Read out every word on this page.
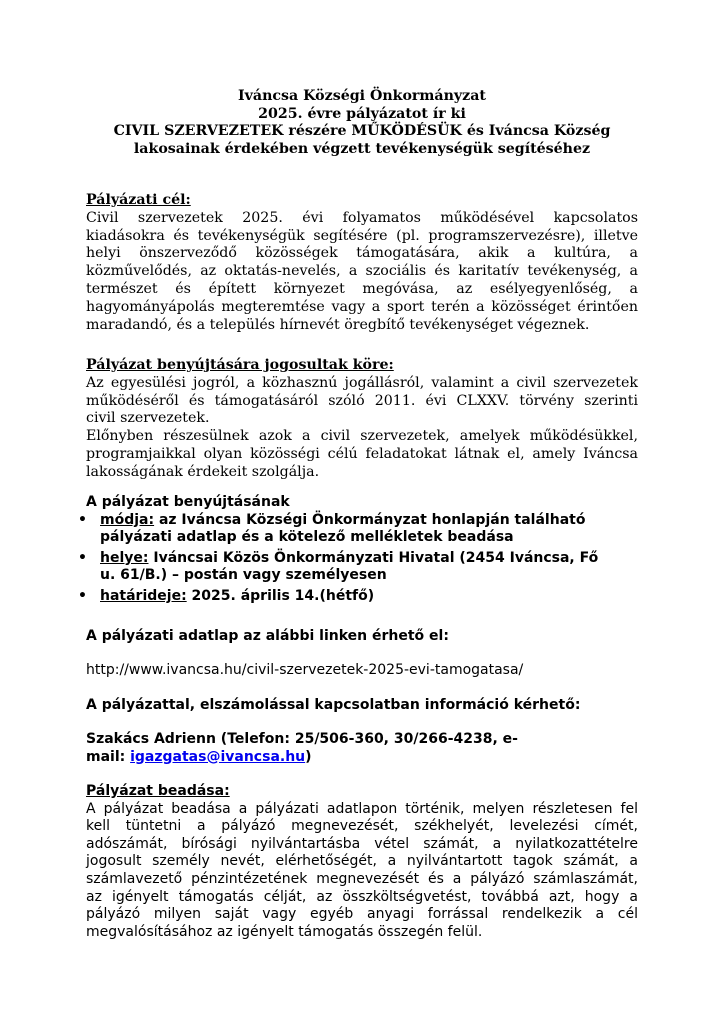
Iváncsa Községi Önkormányzat
2025. évre pályázatot ír ki
CIVIL SZERVEZETEK részére MŰKÖDÉSÜK és Iváncsa Község
lakosainak érdekében végzett tevékenységük segítéséhez
Pályázati cél:
Civil szervezetek 2025. évi folyamatos működésével kapcsolatos
kiadásokra és tevékenységük segítésére (pl. programszervezésre), illetve
helyi önszerveződő közösségek támogatására, akik a kultúra, a
közművelődés, az oktatás-nevelés, a szociális és karitatív tevékenység, a
természet és épített környezet megóvása, az esélyegyenlőség, a
hagyományápolás megteremtése vagy a sport terén a közösséget érintően
maradandó, és a település hírnevét öregbítő tevékenységet végeznek.
Pályázat benyújtására jogosultak köre:
Az egyesülési jogról, a közhasznú jogállásról, valamint a civil szervezetek
működéséről és támogatásáról szóló 2011. évi CLXXV. törvény szerinti
civil szervezetek.
Előnyben részesülnek azok a civil szervezetek, amelyek működésükkel,
programjaikkal olyan közösségi célú feladatokat látnak el, amely Iváncsa
lakosságának érdekeit szolgálja.
A pályázat benyújtásának
• módja: az Iváncsa Községi Önkormányzat honlapján található
pályázati adatlap és a kötelező mellékletek beadása
• helye: Iváncsai Közös Önkormányzati Hivatal (2454 Iváncsa, Fő
u. 61/B.) – postán vagy személyesen
• határideje: 2025. április 14.(hétfő)
A pályázati adatlap az alábbi linken érhető el:
http://www.ivancsa.hu/civil-szervezetek-2025-evi-tamogatasa/
A pályázattal, elszámolással kapcsolatban információ kérhető:
Szakács Adrienn (Telefon: 25/506-360, 30/266-4238, e-
mail: igazgatas@ivancsa.hu)
Pályázat beadása:
A pályázat beadása a pályázati adatlapon történik, melyen részletesen fel
kell tüntetni a pályázó megnevezését, székhelyét, levelezési címét,
adószámát, bírósági nyilvántartásba vétel számát, a nyilatkozattételre
jogosult személy nevét, elérhetőségét, a nyilvántartott tagok számát, a
számlavezető pénzintézetének megnevezését és a pályázó számlaszámát,
az igényelt támogatás célját, az összköltségvetést, továbbá azt, hogy a
pályázó milyen saját vagy egyéb anyagi forrással rendelkezik a cél
megvalósításához az igényelt támogatás összegén felül.
